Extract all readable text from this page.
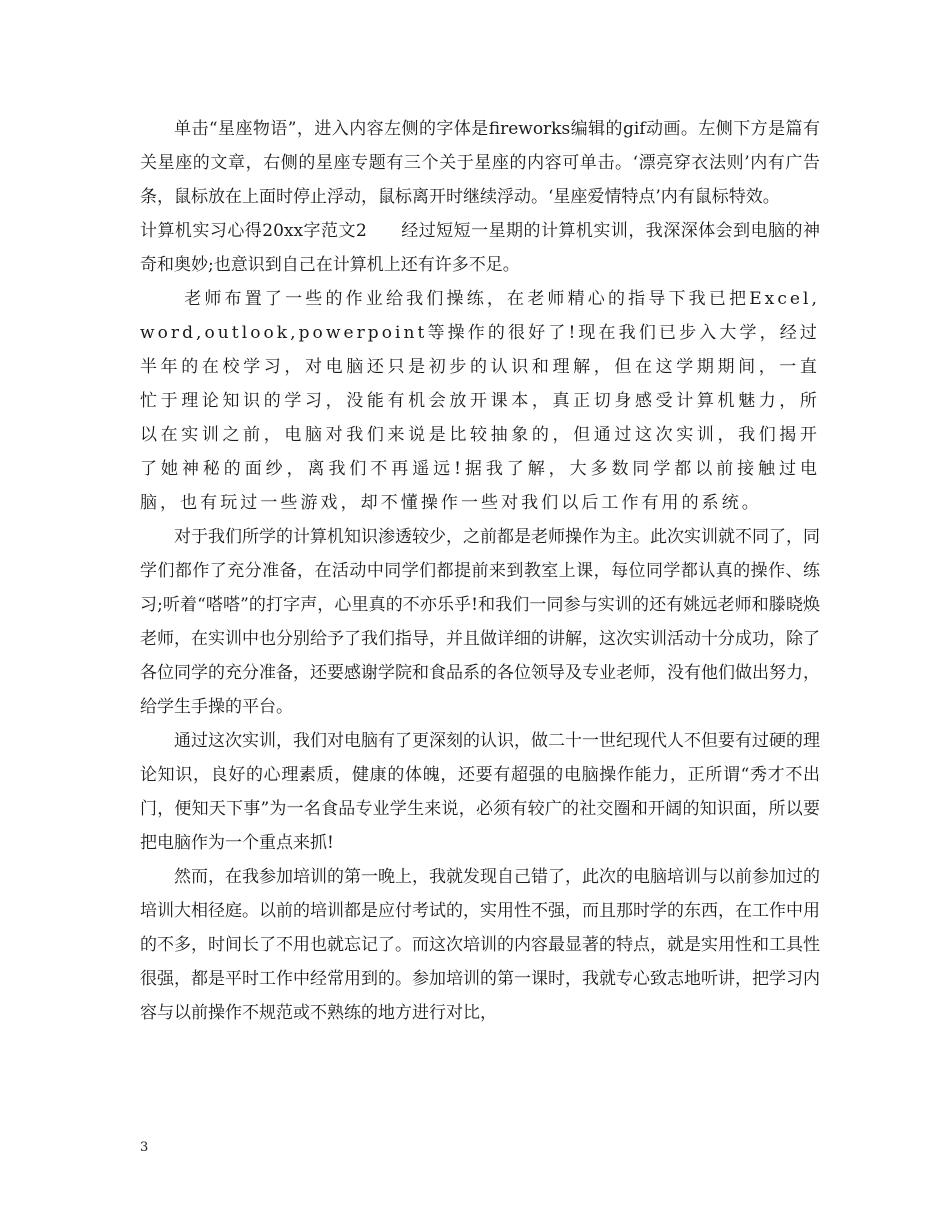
单击“星座物语”，进入内容左侧的字体是fireworks编辑的gif动画。左侧下方是篇有关星座的文章，右侧的星座专题有三个关于星座的内容可单击。‘漂亮穿衣法则’内有广告条，鼠标放在上面时停止浮动，鼠标离开时继续浮动。‘星座爱情特点’内有鼠标特效。

计算机实习心得20xx字范文2 经过短短一星期的计算机实训，我深深体会到电脑的神奇和奥妙;也意识到自己在计算机上还有许多不足。

老师布置了一些的作业给我们操练，在老师精心的指导下我已把Excel,word,outlook,powerpoint等操作的很好了!现在我们已步入大学，经过半年的在校学习，对电脑还只是初步的认识和理解，但在这学期期间，一直忙于理论知识的学习，没能有机会放开课本，真正切身感受计算机魅力，所以在实训之前，电脑对我们来说是比较抽象的，但通过这次实训，我们揭开了她神秘的面纱，离我们不再遥远!据我了解，大多数同学都以前接触过电脑，也有玩过一些游戏，却不懂操作一些对我们以后工作有用的系统。

对于我们所学的计算机知识渗透较少，之前都是老师操作为主。此次实训就不同了，同学们都作了充分准备，在活动中同学们都提前来到教室上课，每位同学都认真的操作、练习;听着“嗒嗒”的打字声，心里真的不亦乐乎!和我们一同参与实训的还有姚远老师和滕晓焕老师，在实训中也分别给予了我们指导，并且做详细的讲解，这次实训活动十分成功，除了各位同学的充分准备，还要感谢学院和食品系的各位领导及专业老师，没有他们做出努力，给学生手操的平台。

通过这次实训，我们对电脑有了更深刻的认识，做二十一世纪现代人不但要有过硬的理论知识，良好的心理素质，健康的体魄，还要有超强的电脑操作能力，正所谓“秀才不出门，便知天下事”为一名食品专业学生来说，必须有较广的社交圈和开阔的知识面，所以要把电脑作为一个重点来抓!

然而，在我参加培训的第一晚上，我就发现自己错了，此次的电脑培训与以前参加过的培训大相径庭。以前的培训都是应付考试的，实用性不强，而且那时学的东西，在工作中用的不多，时间长了不用也就忘记了。而这次培训的内容最显著的特点，就是实用性和工具性很强，都是平时工作中经常用到的。参加培训的第一课时，我就专心致志地听讲，把学习内容与以前操作不规范或不熟练的地方进行对比，

3
